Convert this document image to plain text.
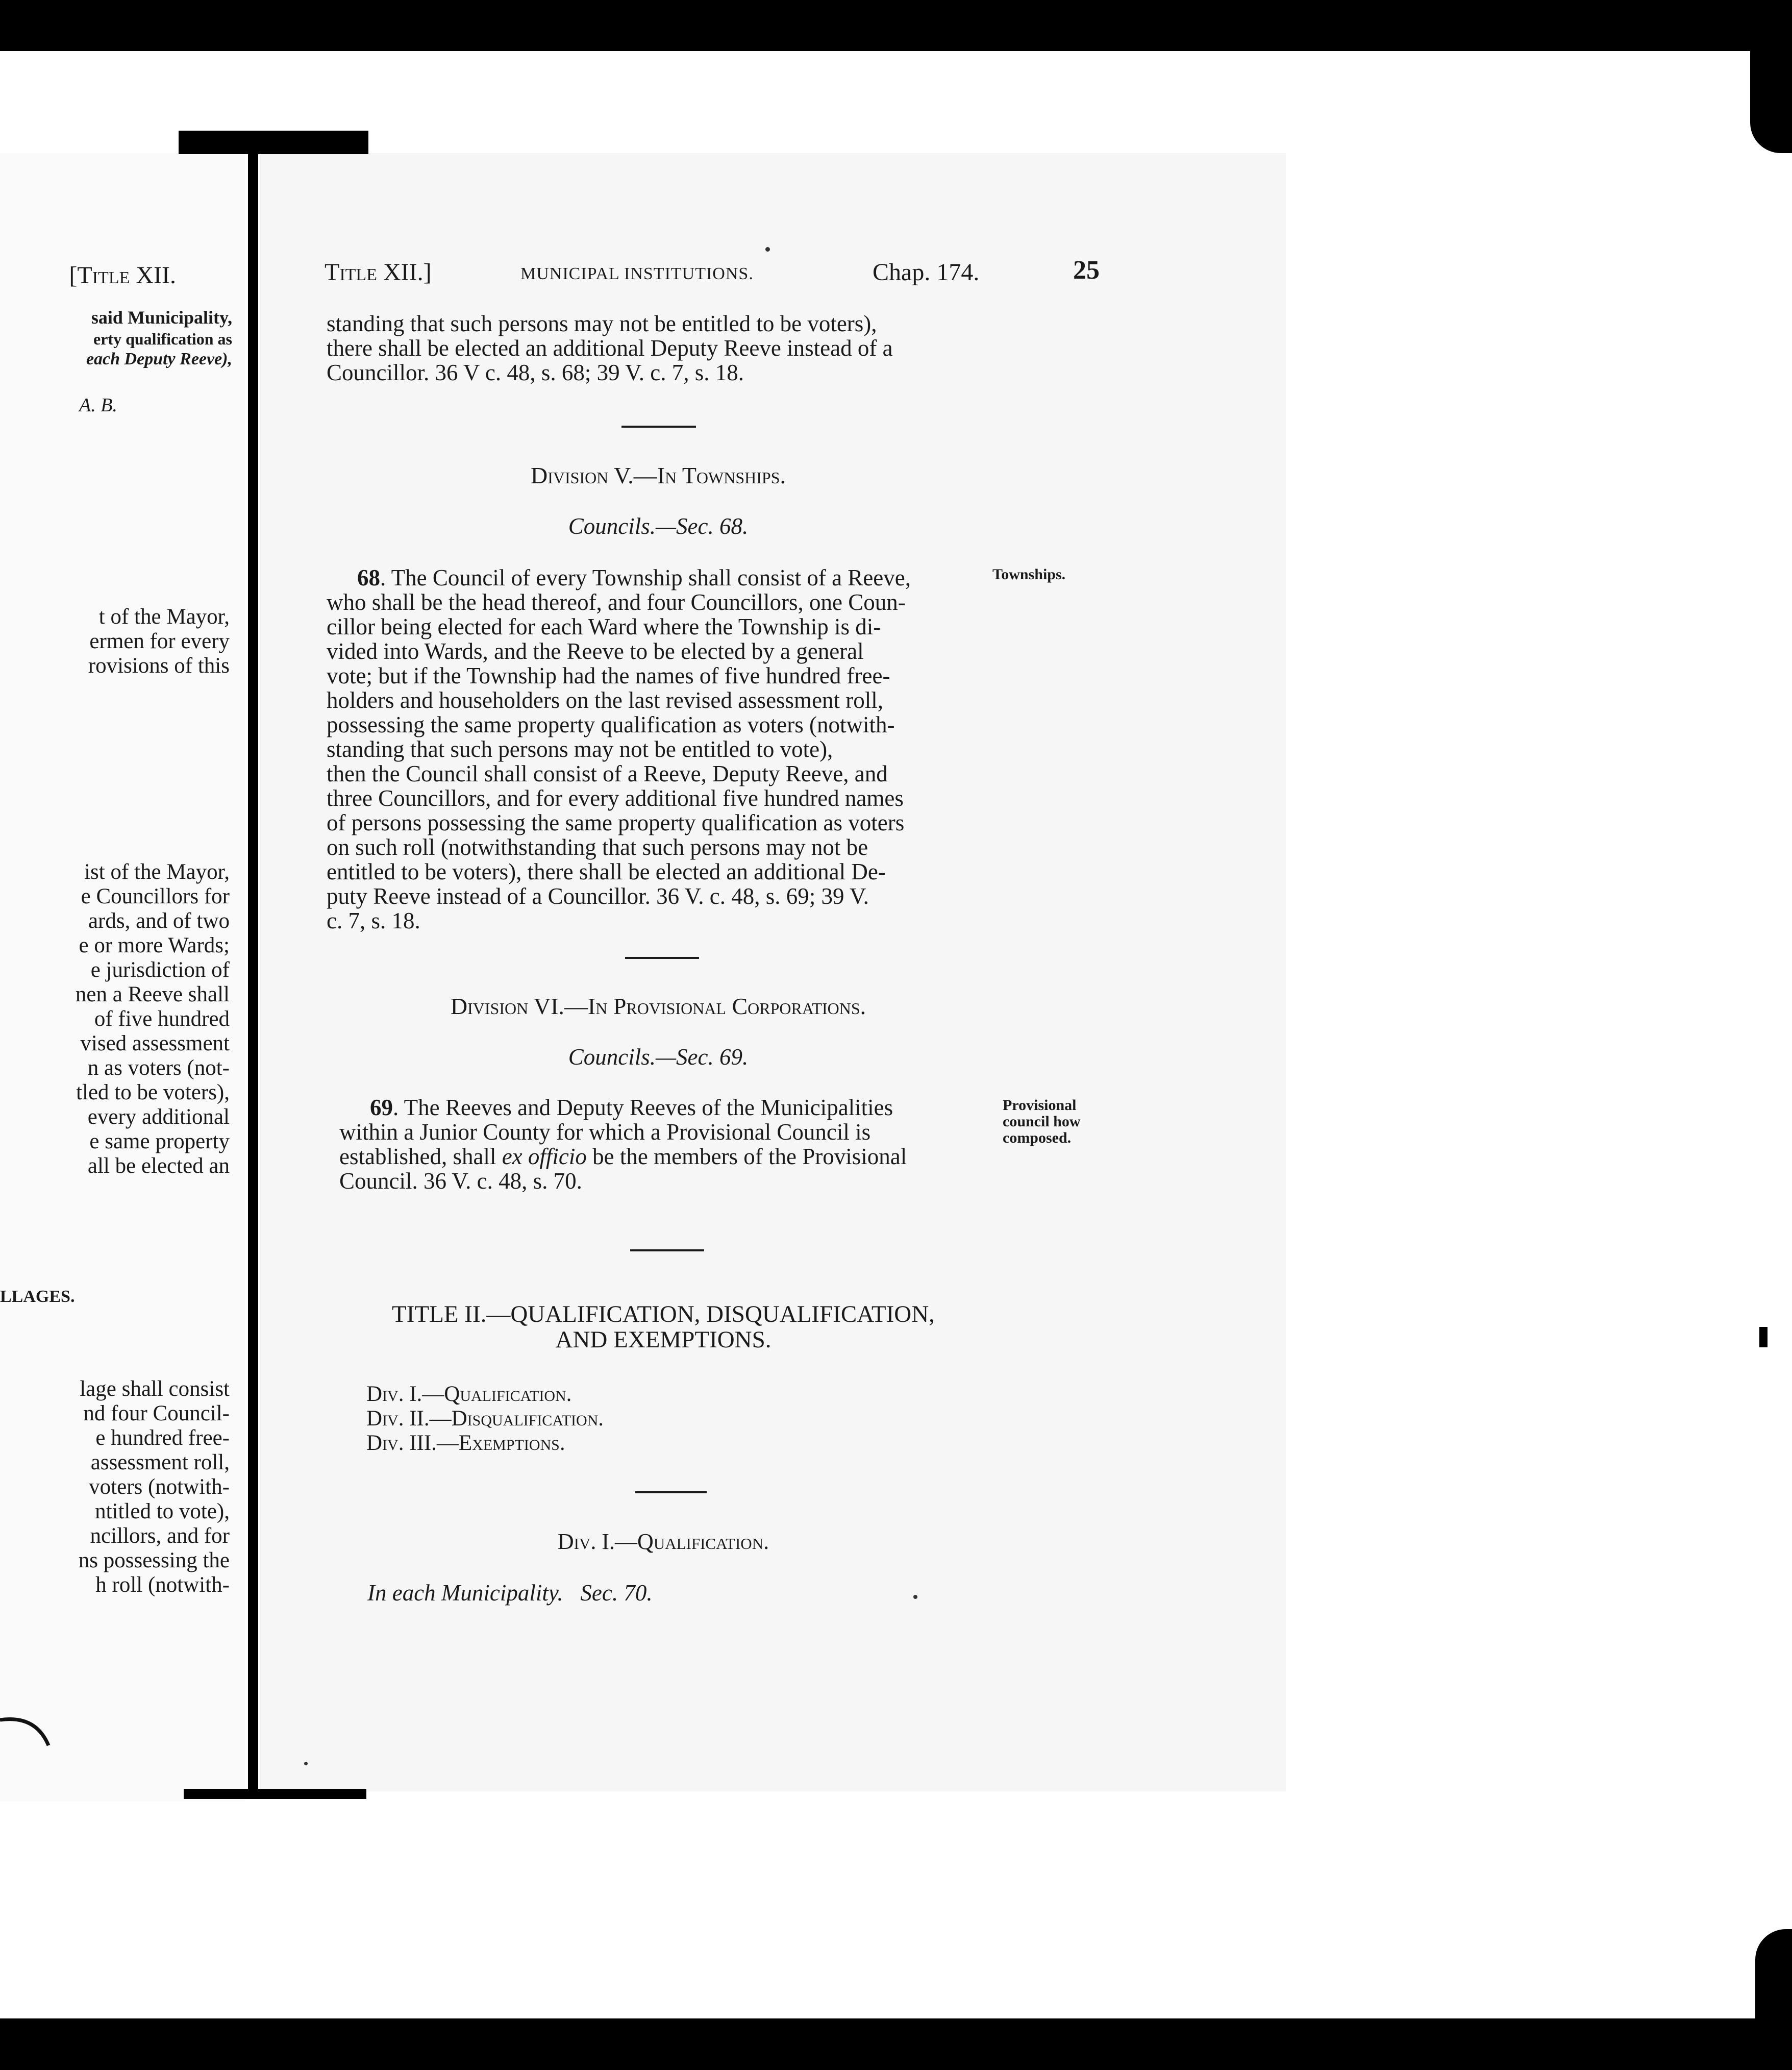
[Title XII.
said Municipality,
erty qualification as
each Deputy Reeve),
A. B.
t of the Mayor,
ermen for every
rovisions of this
ist of the Mayor,
e Councillors for
ards, and of two
e or more Wards;
e jurisdiction of
nen a Reeve shall
of five hundred
vised assessment
n as voters (not-
tled to be voters),
every additional
e same property
all be elected an
LLAGES.
lage shall consist
nd four Council-
e hundred free-
assessment roll,
voters (notwith-
ntitled to vote),
ncillors, and for
ns possessing the
h roll (notwith-
Title XII.]	MUNICIPAL INSTITUTIONS.	Chap. 174.	25
standing that such persons may not be entitled to be voters),
there shall be elected an additional Deputy Reeve instead of a
Councillor. 36 V c. 48, s. 68; 39 V. c. 7, s. 18.
Division V.—In Townships.
Councils.—Sec. 68.
68. The Council of every Township shall consist of a Reeve,
who shall be the head thereof, and four Councillors, one Coun-
cillor being elected for each Ward where the Township is di-
vided into Wards, and the Reeve to be elected by a general
vote; but if the Township had the names of five hundred free-
holders and householders on the last revised assessment roll,
possessing the same property qualification as voters (notwith-
standing that such persons may not be entitled to vote),
then the Council shall consist of a Reeve, Deputy Reeve, and
three Councillors, and for every additional five hundred names
of persons possessing the same property qualification as voters
on such roll (notwithstanding that such persons may not be
entitled to be voters), there shall be elected an additional De-
puty Reeve instead of a Councillor. 36 V. c. 48, s. 69; 39 V.
c. 7, s. 18.
Townships.
Division VI.—In Provisional Corporations.
Councils.—Sec. 69.
69. The Reeves and Deputy Reeves of the Municipalities
within a Junior County for which a Provisional Council is
established, shall ex officio be the members of the Provisional
Council. 36 V. c. 48, s. 70.
Provisional
council how
composed.
TITLE II.—QUALIFICATION, DISQUALIFICATION,
AND EXEMPTIONS.
Div. I.—Qualification.
Div. II.—Disqualification.
Div. III.—Exemptions.
Div. I.—Qualification.
In each Municipality. Sec. 70.
